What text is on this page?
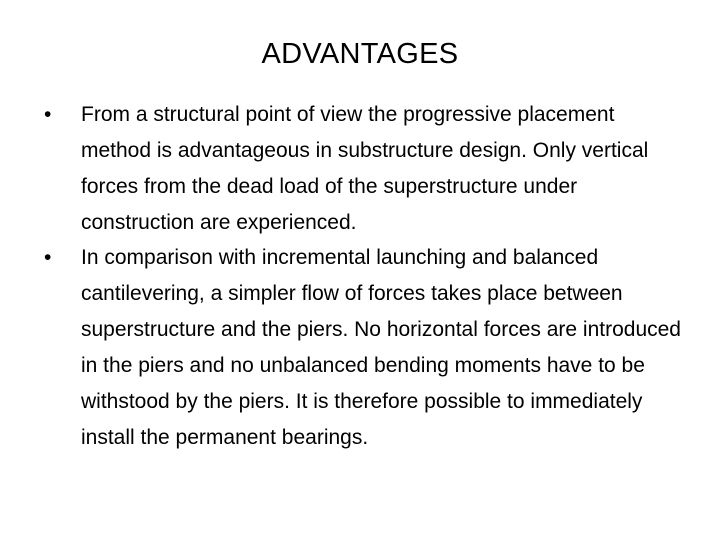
ADVANTAGES
• From a structural point of view the progressive placement method is advantageous in substructure design. Only vertical forces from the dead load of the superstructure under construction are experienced.

• In comparison with incremental launching and balanced cantilevering, a simpler flow of forces takes place between superstructure and the piers. No horizontal forces are introduced in the piers and no unbalanced bending moments have to be withstood by the piers. It is therefore possible to immediately install the permanent bearings.
